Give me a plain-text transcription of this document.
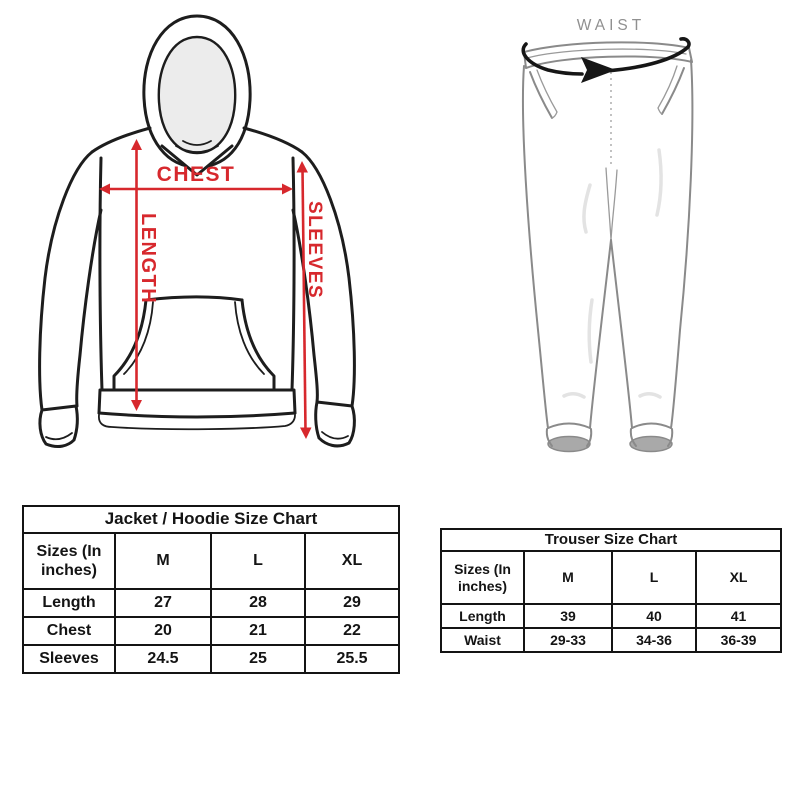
CHEST
LENGTH	SLEEVES
WAIST
Jacket / Hoodie Size Chart			
Sizes (In inches)	M	L	XL
Length	27	28	29
Chest	20	21	22
Sleeves	24.5	25	25.5
Trouser Size Chart			
Sizes (In inches)	M	L	XL
Length	39	40	41
Waist	29-33	34-36	36-39
